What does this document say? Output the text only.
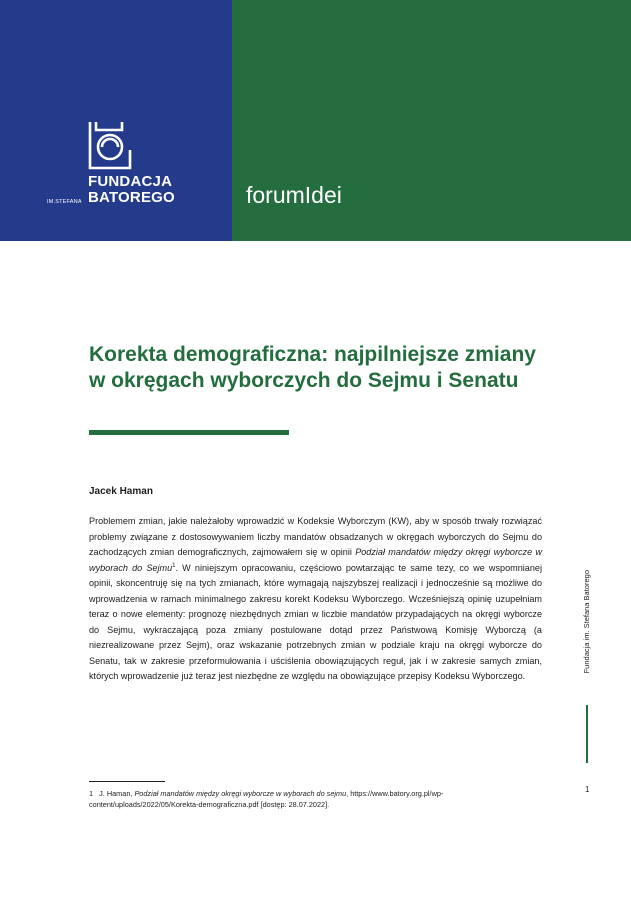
FUNDACJA
IM.STEFANA BATOREGO	forumIdei
Korekta demograficzna: najpilniejsze zmiany w okręgach wyborczych do Sejmu i Senatu
Jacek Haman

Problemem zmian, jakie należałoby wprowadzić w Kodeksie Wyborczym (KW), aby w sposób trwały rozwiązać problemy związane z dostosowywaniem liczby mandatów obsadzanych w okręgach wyborczych do Sejmu do zachodzących zmian demograficznych, zajmowałem się w opinii Podział mandatów między okręgi wyborcze w wyborach do Sejmu$^1$. W niniejszym opracowaniu, częściowo powtarzając te same tezy, co we wspomnianej opinii, skoncentruję się na tych zmianach, które wymagają najszybszej realizacji i jednocześnie są możliwe do wprowadzenia w ramach minimalnego zakresu korekt Kodeksu Wyborczego. Wcześniejszą opinię uzupełniam teraz o nowe elementy: prognozę niezbędnych zmian w liczbie mandatów przypadających na okręgi wyborcze do Sejmu, wykraczającą poza zmiany postulowane dotąd przez Państwową Komisję Wyborczą (a niezrealizowane przez Sejm), oraz wskazanie potrzebnych zmian w podziale kraju na okręgi wyborcze do Senatu, tak w zakresie przeformułowania i uściślenia obowiązujących reguł, jak i w zakresie samych zmian, których wprowadzenie już teraz jest niezbędne ze względu na obowiązujące przepisy Kodeksu Wyborczego.

Fundacja im. Stefana Batorego
1

1 J. Haman, Podział mandatów między okręgi wyborcze w wyborach do sejmu, https://www.batory.org.pl/wp-content/uploads/2022/05/Korekta-demograficzna.pdf [dostęp: 28.07.2022].
